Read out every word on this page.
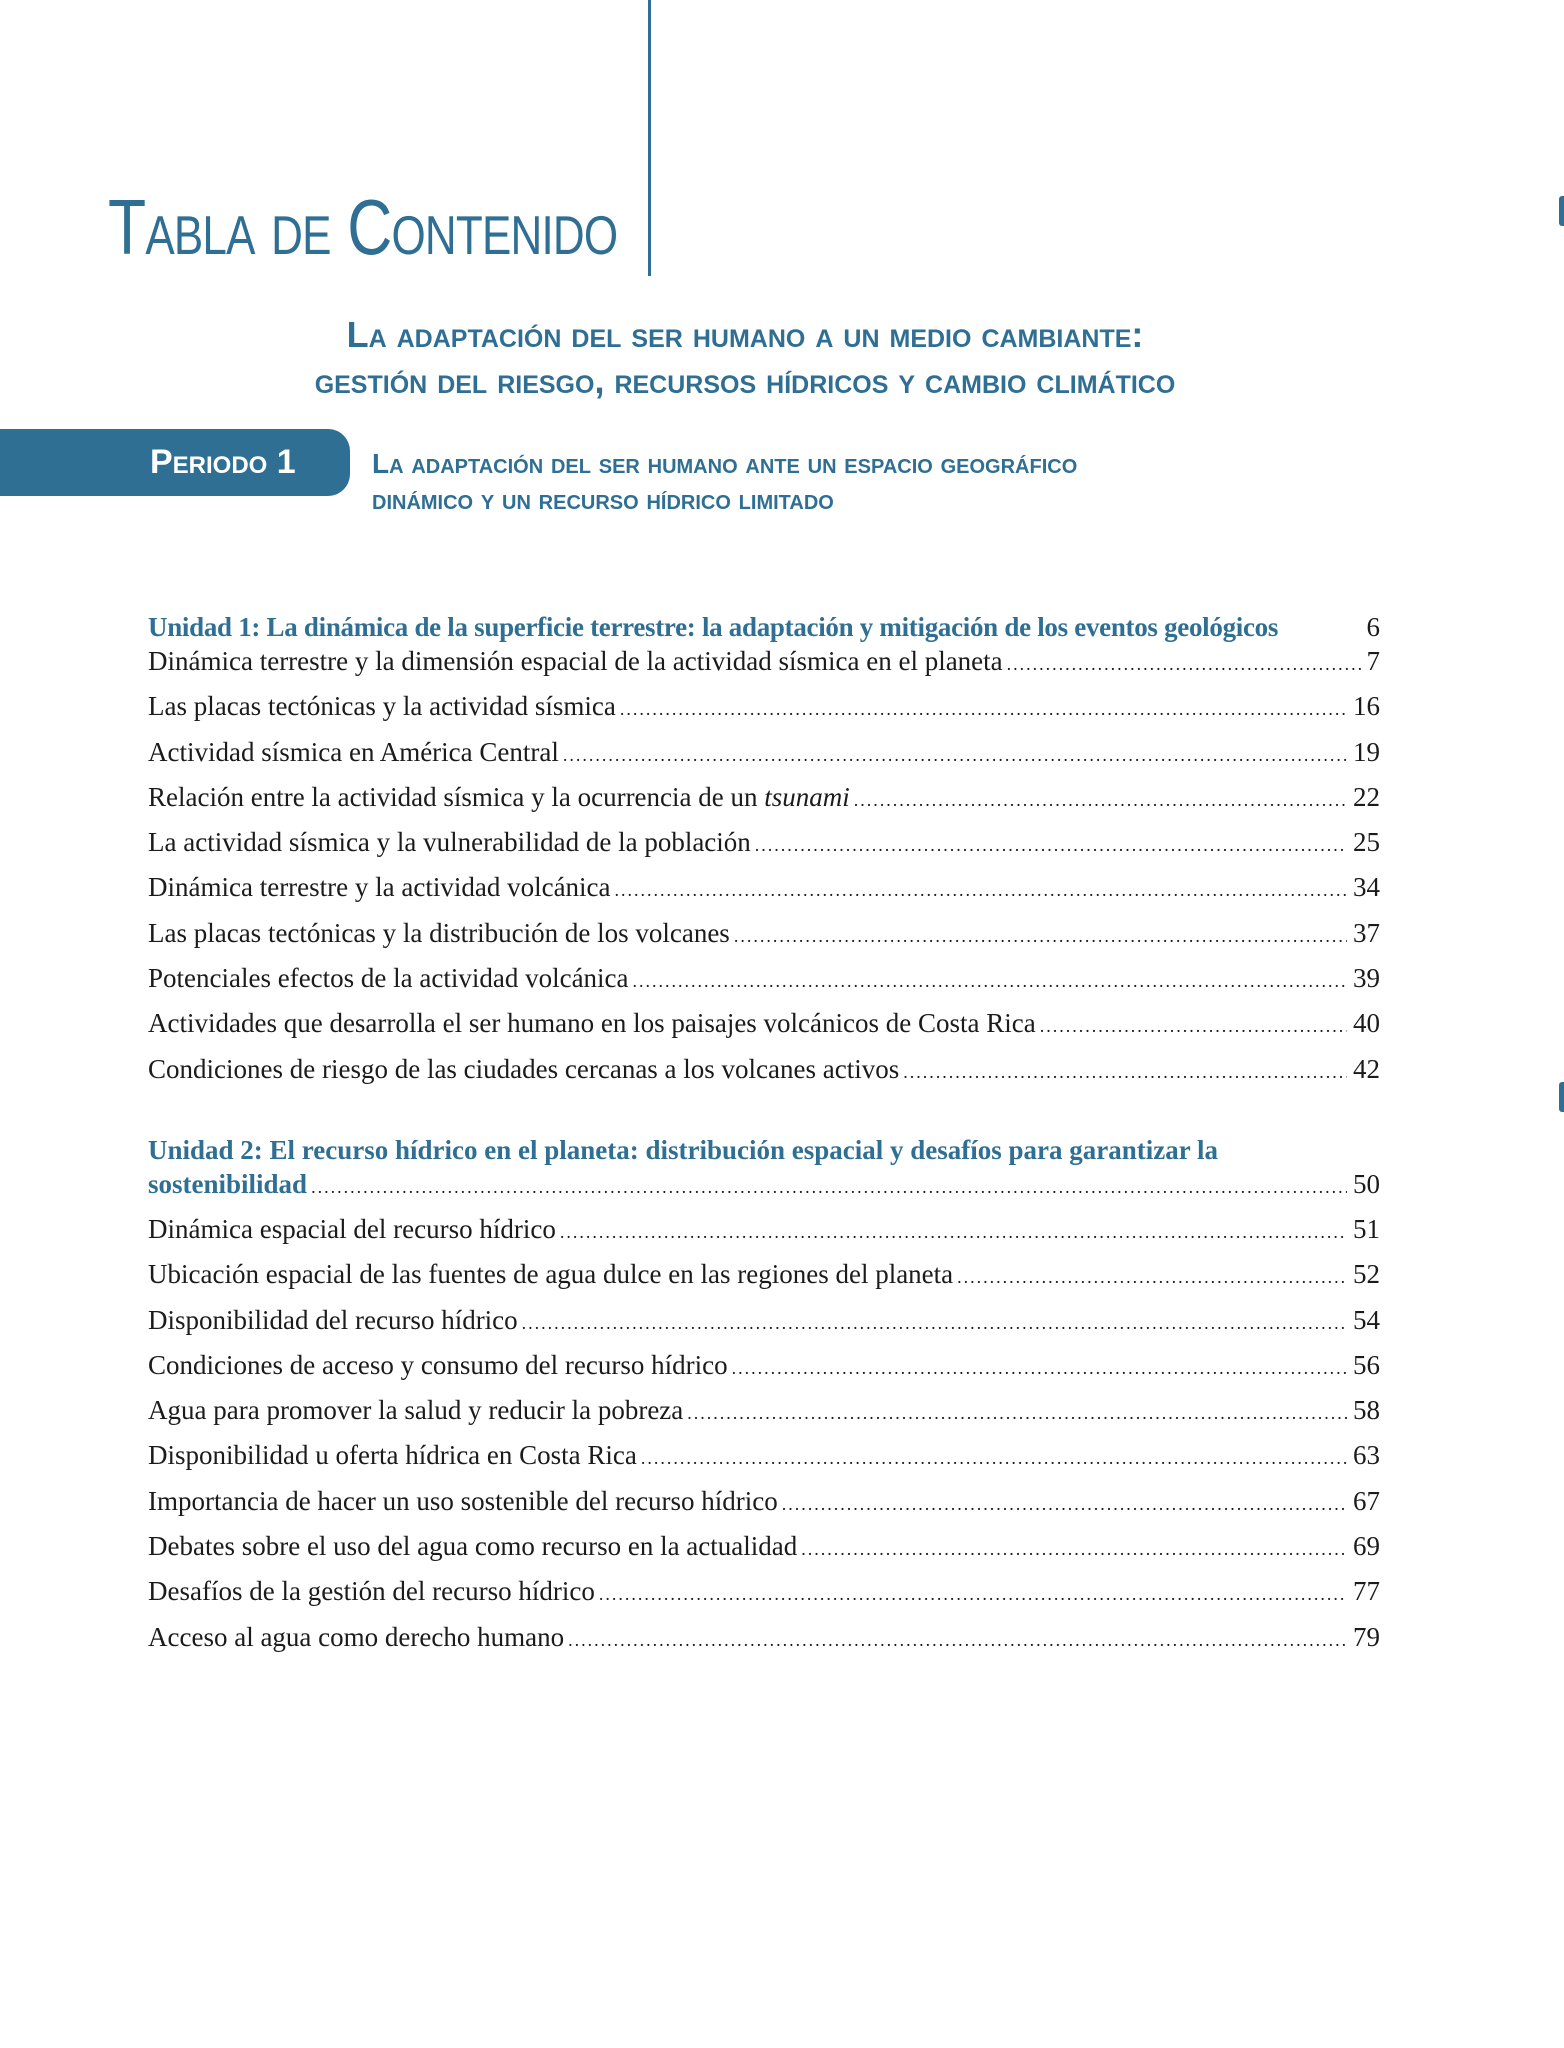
Tabla de Contenido
La adaptación del ser humano a un medio cambiante:
gestión del riesgo, recursos hídricos y cambio climático
Periodo 1	La adaptación del ser humano ante un espacio geográfico
dinámico y un recurso hídrico limitado
Unidad 1: La dinámica de la superficie terrestre: la adaptación y mitigación de los eventos geológicos	6
Dinámica terrestre y la dimensión espacial de la actividad sísmica en el planeta .....	7
Las placas tectónicas y la actividad sísmica .....	16
Actividad sísmica en América Central .....	19
Relación entre la actividad sísmica y la ocurrencia de un tsunami .....	22
La actividad sísmica y la vulnerabilidad de la población .....	25
Dinámica terrestre y la actividad volcánica .....	34
Las placas tectónicas y la distribución de los volcanes .....	37
Potenciales efectos de la actividad volcánica .....	39
Actividades que desarrolla el ser humano en los paisajes volcánicos de Costa Rica .....	40
Condiciones de riesgo de las ciudades cercanas a los volcanes activos .....	42
Unidad 2: El recurso hídrico en el planeta: distribución espacial y desafíos para garantizar la
sostenibilidad .....	50
Dinámica espacial del recurso hídrico .....	51
Ubicación espacial de las fuentes de agua dulce en las regiones del planeta .....	52
Disponibilidad del recurso hídrico .....	54
Condiciones de acceso y consumo del recurso hídrico .....	56
Agua para promover la salud y reducir la pobreza .....	58
Disponibilidad u oferta hídrica en Costa Rica .....	63
Importancia de hacer un uso sostenible del recurso hídrico .....	67
Debates sobre el uso del agua como recurso en la actualidad .....	69
Desafíos de la gestión del recurso hídrico .....	77
Acceso al agua como derecho humano .....	79
